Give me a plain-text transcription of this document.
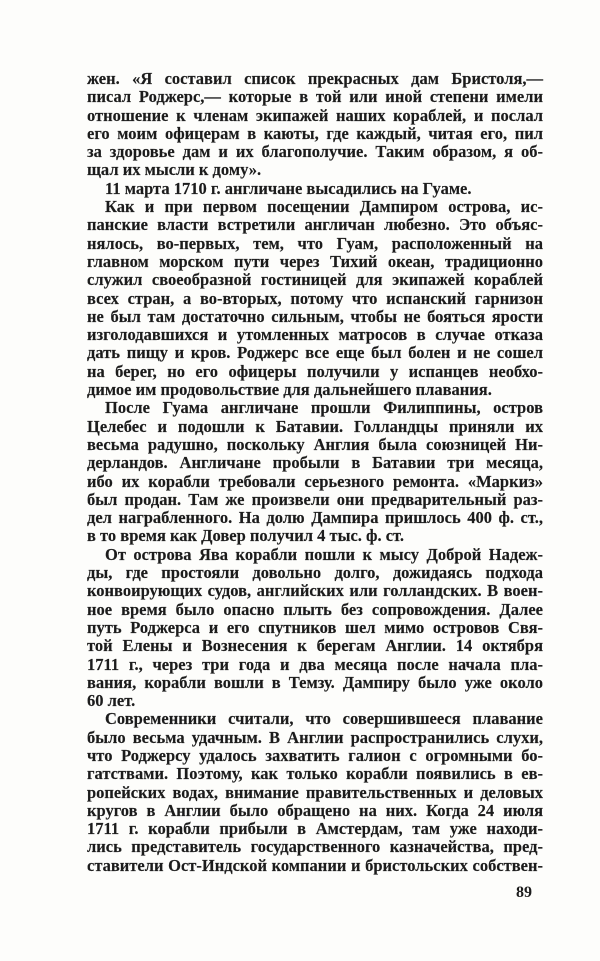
жен. «Я составил список прекрасных дам Бристоля,—
писал Роджерс,— которые в той или иной степени имели
отношение к членам экипажей наших кораблей, и послал
его моим офицерам в каюты, где каждый, читая его, пил
за здоровье дам и их благополучие. Таким образом, я об-
щал их мысли к дому».
11 марта 1710 г. англичане высадились на Гуаме.
Как и при первом посещении Дампиром острова, ис-
панские власти встретили англичан любезно. Это объяс-
нялось, во-первых, тем, что Гуам, расположенный на
главном морском пути через Тихий океан, традиционно
служил своеобразной гостиницей для экипажей кораблей
всех стран, а во-вторых, потому что испанский гарнизон
не был там достаточно сильным, чтобы не бояться ярости
изголодавшихся и утомленных матросов в случае отказа
дать пищу и кров. Роджерс все еще был болен и не сошел
на берег, но его офицеры получили у испанцев необхо-
димое им продовольствие для дальнейшего плавания.
После Гуама англичане прошли Филиппины, остров
Целебес и подошли к Батавии. Голландцы приняли их
весьма радушно, поскольку Англия была союзницей Ни-
дерландов. Англичане пробыли в Батавии три месяца,
ибо их корабли требовали серьезного ремонта. «Маркиз»
был продан. Там же произвели они предварительный раз-
дел награбленного. На долю Дампира пришлось 400 ф. ст.,
в то время как Довер получил 4 тыс. ф. ст.
От острова Ява корабли пошли к мысу Доброй Надеж-
ды, где простояли довольно долго, дожидаясь подхода
конвоирующих судов, английских или голландских. В воен-
ное время было опасно плыть без сопровождения. Далее
путь Роджерса и его спутников шел мимо островов Свя-
той Елены и Вознесения к берегам Англии. 14 октября
1711 г., через три года и два месяца после начала пла-
вания, корабли вошли в Темзу. Дампиру было уже около
60 лет.
Современники считали, что совершившееся плавание
было весьма удачным. В Англии распространились слухи,
что Роджерсу удалось захватить галион с огромными бо-
гатствами. Поэтому, как только корабли появились в ев-
ропейских водах, внимание правительственных и деловых
кругов в Англии было обращено на них. Когда 24 июля
1711 г. корабли прибыли в Амстердам, там уже находи-
лись представитель государственного казначейства, пред-
ставители Ост-Индской компании и бристольских собствен-
89
